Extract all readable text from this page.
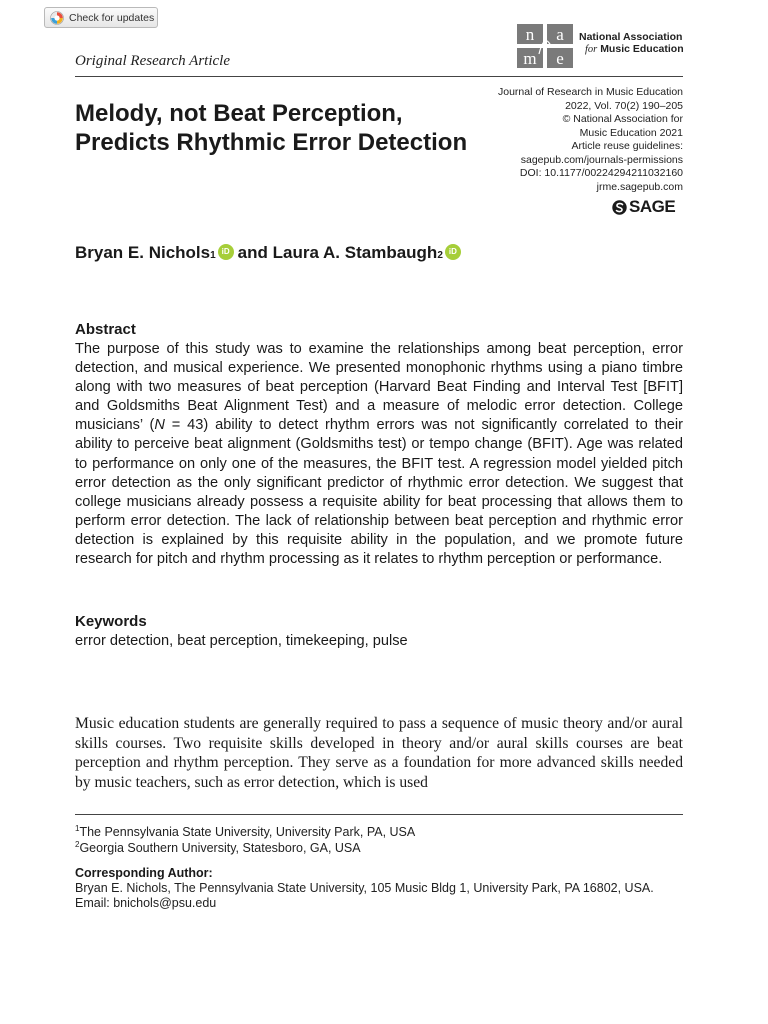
Check for updates
n a
m e
National Association
for Music Education
Original Research Article
Melody, not Beat Perception, Predicts Rhythmic Error Detection
Journal of Research in Music Education
2022, Vol. 70(2) 190–205
© National Association for
Music Education 2021
Article reuse guidelines:
sagepub.com/journals-permissions
DOI: 10.1177/00224294211032160
jrme.sagepub.com
SAGE
Bryan E. Nichols 1 iD and
Laura A. Stambaugh 2 iD
Abstract
The purpose of this study was to examine the relationships among beat perception, error detection, and musical experience. We presented monophonic rhythms using a piano timbre along with two measures of beat perception (Harvard Beat Finding and Interval Test [BFIT] and Goldsmiths Beat Alignment Test) and a measure of melodic error detection. College musicians’ (N = 43) ability to detect rhythm errors was not significantly correlated to their ability to perceive beat alignment (Goldsmiths test) or tempo change (BFIT). Age was related to performance on only one of the measures, the BFIT test. A regression model yielded pitch error detection as the only significant predictor of rhythmic error detection. We suggest that college musicians already possess a requisite ability for beat processing that allows them to perform error detection. The lack of relationship between beat perception and rhythmic error detection is explained by this requisite ability in the population, and we promote future research for pitch and rhythm processing as it relates to rhythm perception or performance.
Keywords
error detection, beat perception, timekeeping, pulse
Music education students are generally required to pass a sequence of music theory and/or aural skills courses. Two requisite skills developed in theory and/or aural skills courses are beat perception and rhythm perception. They serve as a foundation for more advanced skills needed by music teachers, such as error detection, which is used
$^1$The Pennsylvania State University, University Park, PA, USA
$^2$Georgia Southern University, Statesboro, GA, USA
Corresponding Author:
Bryan E. Nichols, The Pennsylvania State University, 105 Music Bldg 1, University Park, PA 16802, USA.
Email: bnichols@psu.edu
